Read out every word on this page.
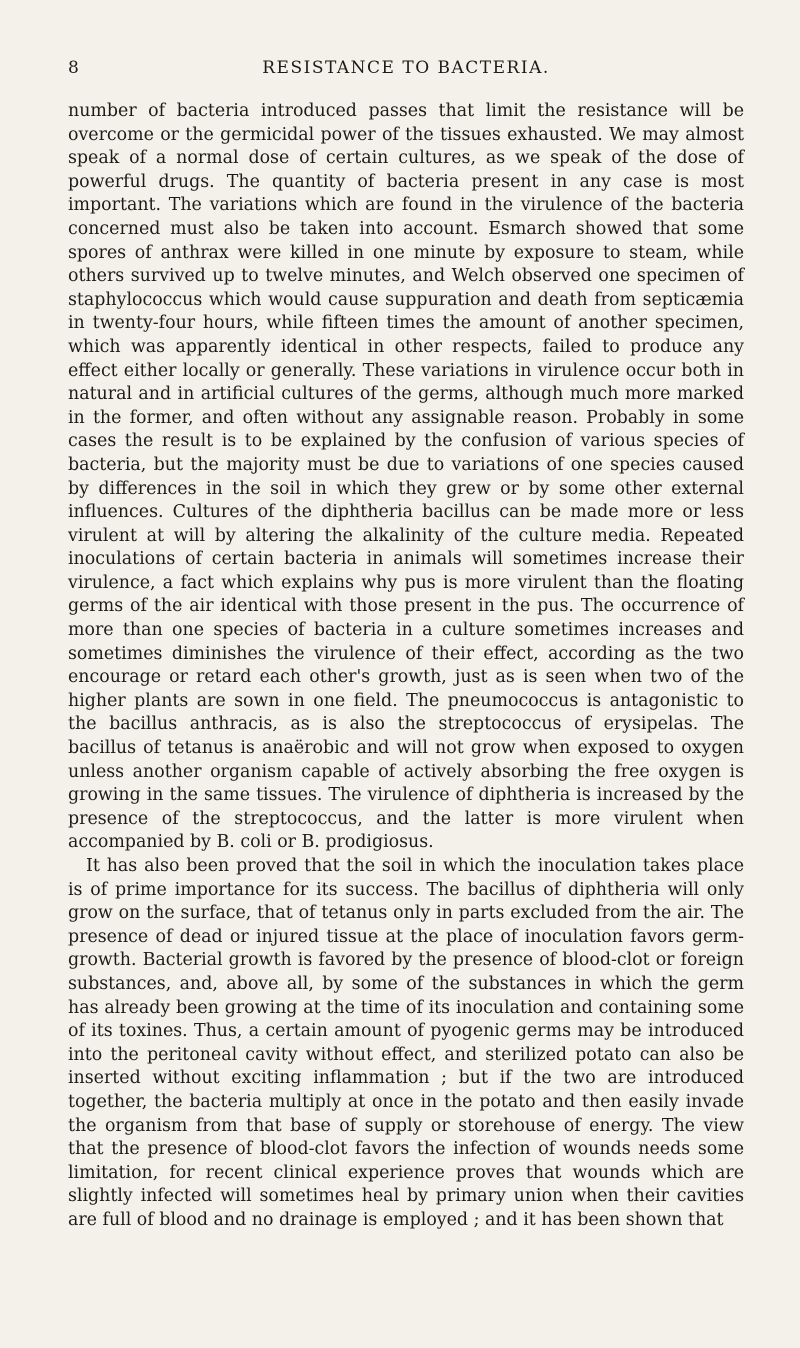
8	RESISTANCE TO BACTERIA.

number of bacteria introduced passes that limit the resistance will be overcome or the germicidal power of the tissues exhausted. We may almost speak of a normal dose of certain cultures, as we speak of the dose of powerful drugs. The quantity of bacteria present in any case is most important. The variations which are found in the virulence of the bacteria concerned must also be taken into account. Esmarch showed that some spores of anthrax were killed in one minute by exposure to steam, while others survived up to twelve minutes, and Welch observed one specimen of staphylococcus which would cause suppuration and death from septicæmia in twenty-four hours, while fifteen times the amount of another specimen, which was apparently identical in other respects, failed to produce any effect either locally or generally. These variations in virulence occur both in natural and in artificial cultures of the germs, although much more marked in the former, and often without any assignable reason. Probably in some cases the result is to be explained by the confusion of various species of bacteria, but the majority must be due to variations of one species caused by differences in the soil in which they grew or by some other external influences. Cultures of the diphtheria bacillus can be made more or less virulent at will by altering the alkalinity of the culture media. Repeated inoculations of certain bacteria in animals will sometimes increase their virulence, a fact which explains why pus is more virulent than the floating germs of the air identical with those present in the pus. The occurrence of more than one species of bacteria in a culture sometimes increases and sometimes diminishes the virulence of their effect, according as the two encourage or retard each other's growth, just as is seen when two of the higher plants are sown in one field. The pneumococcus is antagonistic to the bacillus anthracis, as is also the streptococcus of erysipelas. The bacillus of tetanus is anaërobic and will not grow when exposed to oxygen unless another organism capable of actively absorbing the free oxygen is growing in the same tissues. The virulence of diphtheria is increased by the presence of the streptococcus, and the latter is more virulent when accompanied by B. coli or B. prodigiosus.

It has also been proved that the soil in which the inoculation takes place is of prime importance for its success. The bacillus of diphtheria will only grow on the surface, that of tetanus only in parts excluded from the air. The presence of dead or injured tissue at the place of inoculation favors germ-growth. Bacterial growth is favored by the presence of blood-clot or foreign substances, and, above all, by some of the substances in which the germ has already been growing at the time of its inoculation and containing some of its toxines. Thus, a certain amount of pyogenic germs may be introduced into the peritoneal cavity without effect, and sterilized potato can also be inserted without exciting inflammation ; but if the two are introduced together, the bacteria multiply at once in the potato and then easily invade the organism from that base of supply or storehouse of energy. The view that the presence of blood-clot favors the infection of wounds needs some limitation, for recent clinical experience proves that wounds which are slightly infected will sometimes heal by primary union when their cavities are full of blood and no drainage is employed ; and it has been shown that
